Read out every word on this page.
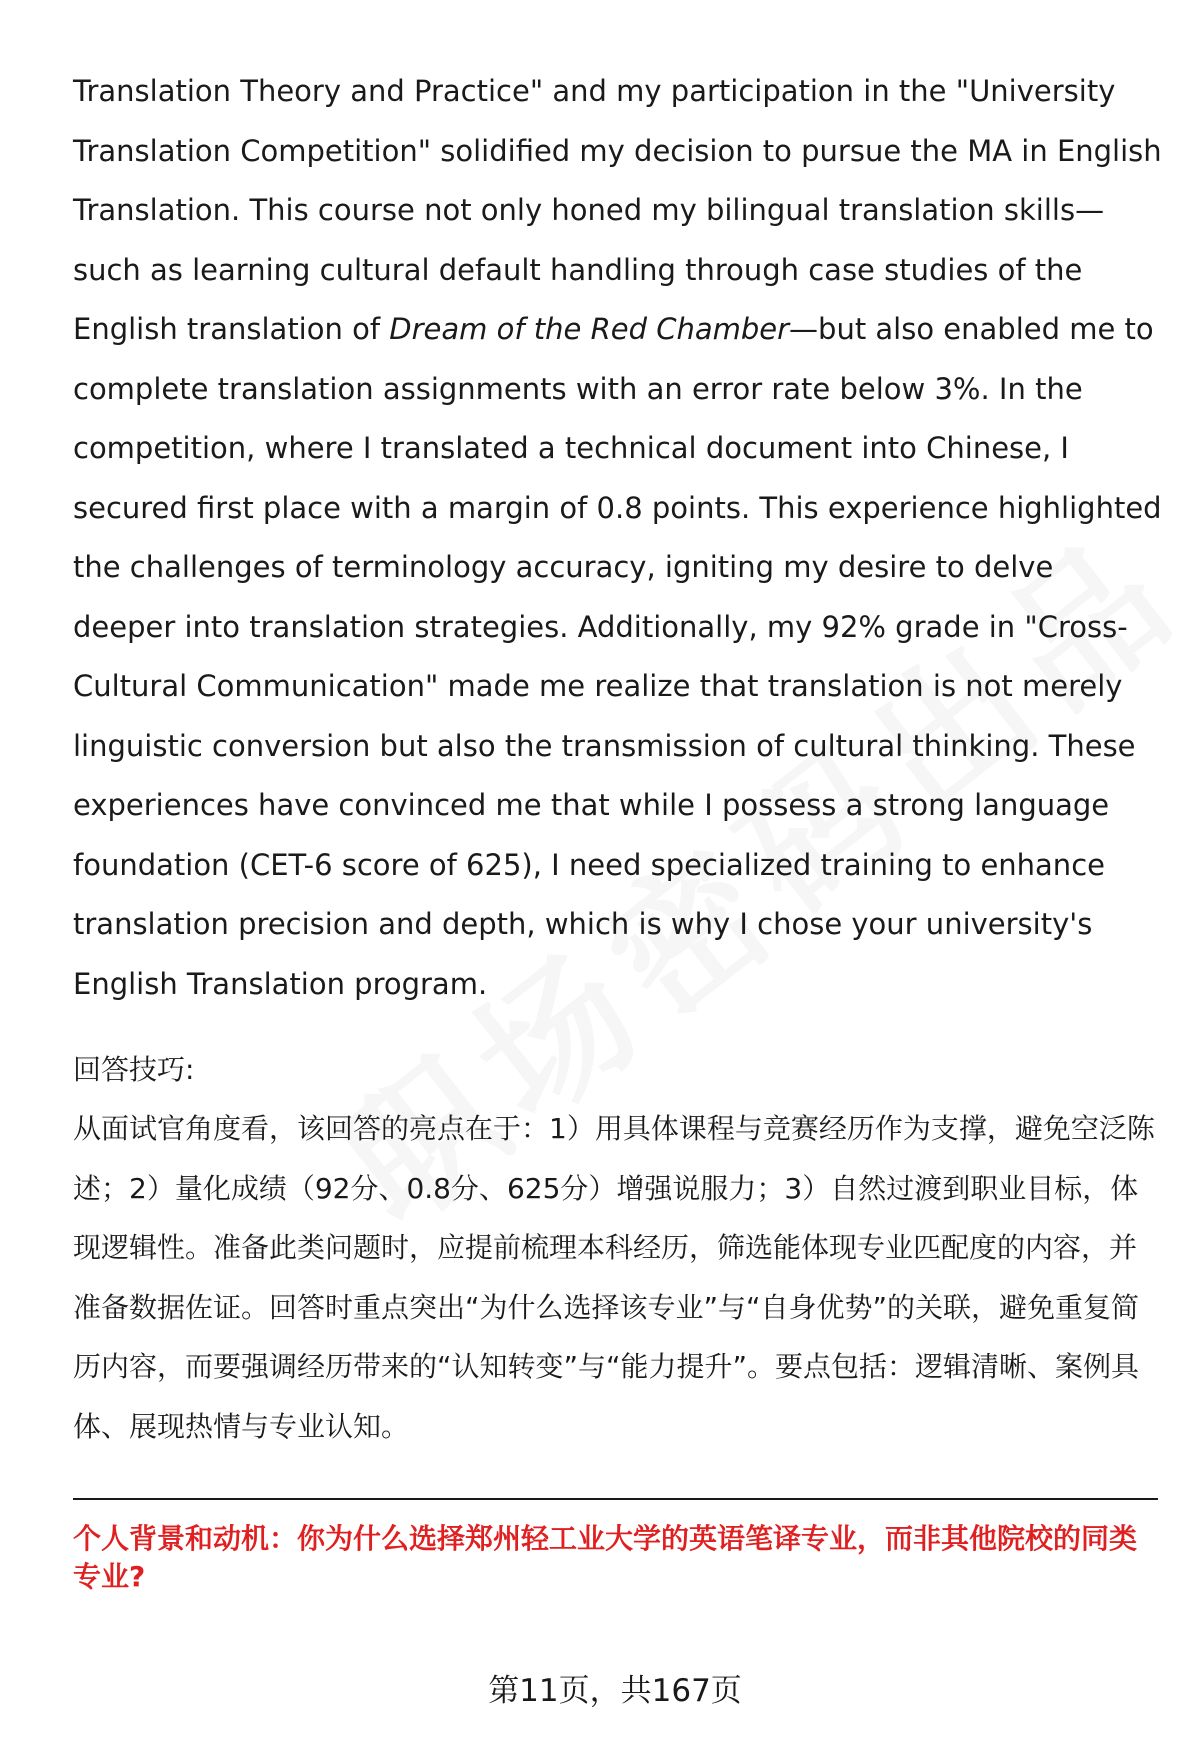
Translation Theory and Practice" and my participation in the "University Translation Competition" solidified my decision to pursue the MA in English Translation. This course not only honed my bilingual translation skills—such as learning cultural default handling through case studies of the English translation of Dream of the Red Chamber—but also enabled me to complete translation assignments with an error rate below 3%. In the competition, where I translated a technical document into Chinese, I secured first place with a margin of 0.8 points. This experience highlighted the challenges of terminology accuracy, igniting my desire to delve deeper into translation strategies. Additionally, my 92% grade in "Cross-Cultural Communication" made me realize that translation is not merely linguistic conversion but also the transmission of cultural thinking. These experiences have convinced me that while I possess a strong language foundation (CET-6 score of 625), I need specialized training to enhance translation precision and depth, which is why I chose your university's English Translation program.

回答技巧:

从面试官角度看，该回答的亮点在于：1）用具体课程与竞赛经历作为支撑，避免空泛陈述；2）量化成绩（92分、0.8分、625分）增强说服力；3）自然过渡到职业目标，体现逻辑性。准备此类问题时，应提前梳理本科经历，筛选能体现专业匹配度的内容，并准备数据佐证。回答时重点突出“为什么选择该专业”与“自身优势”的关联，避免重复简历内容，而要强调经历带来的“认知转变”与“能力提升”。要点包括：逻辑清晰、案例具体、展现热情与专业认知。

个人背景和动机：你为什么选择郑州轻工业大学的英语笔译专业，而非其他院校的同类专业?

第11页，共167页
